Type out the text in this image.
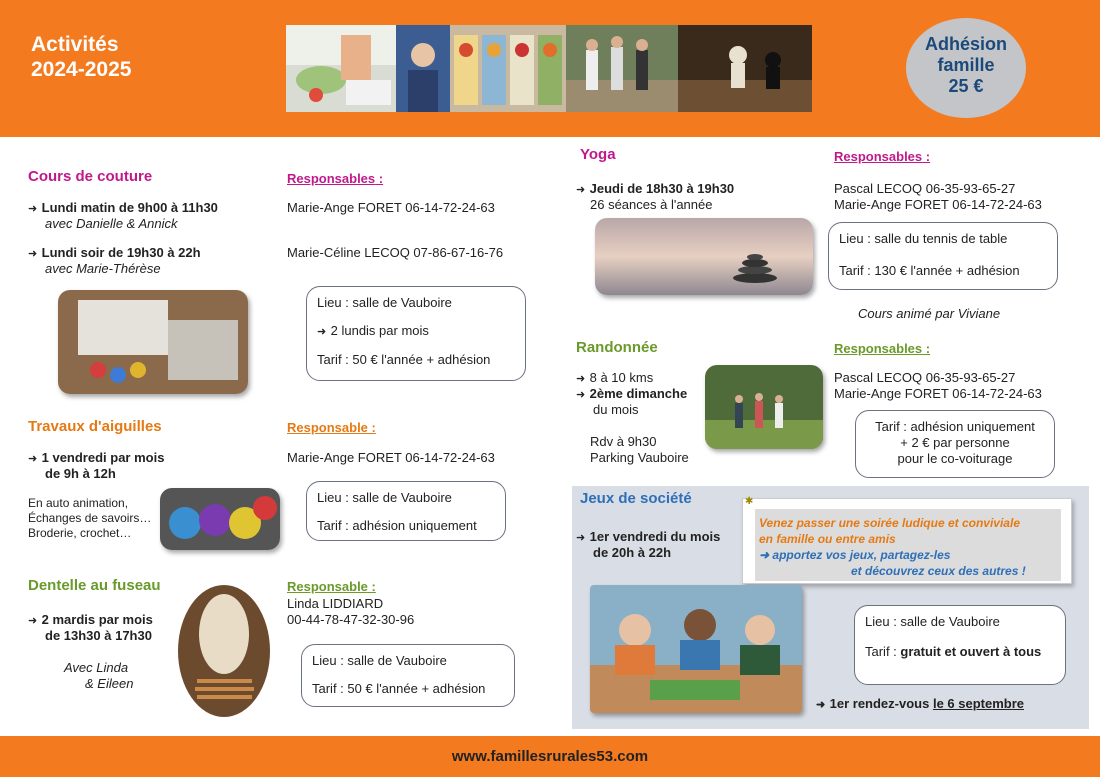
Activités
2024-2025
Adhésion
famille
25 €
Cours de couture
➜ Lundi matin de 9h00 à 11h30
avec Danielle & Annick
➜ Lundi soir de 19h30 à 22h
avec Marie-Thérèse
Responsables :
Marie-Ange FORET 06-14-72-24-63
Marie-Céline LECOQ 07-86-67-16-76
Lieu : salle de Vauboire
➜ 2 lundis par mois
Tarif : 50 € l'année + adhésion
Travaux d'aiguilles
➜ 1 vendredi par mois
de 9h à 12h
En auto animation,
Échanges de savoirs…
Broderie, crochet…
Responsable :
Marie-Ange FORET 06-14-72-24-63
Lieu : salle de Vauboire
Tarif : adhésion uniquement
Dentelle au fuseau
➜ 2 mardis par mois
de 13h30 à 17h30
Avec Linda
& Eileen
Responsable :
Linda LIDDIARD
00-44-78-47-32-30-96
Lieu : salle de Vauboire
Tarif : 50 € l'année + adhésion
Yoga
➜ Jeudi de 18h30 à 19h30
26 séances à l'année
Responsables :
Pascal LECOQ 06-35-93-65-27
Marie-Ange FORET 06-14-72-24-63
Lieu : salle du tennis de table
Tarif : 130 € l'année + adhésion
Cours animé par Viviane
Randonnée
➜ 8 à 10 kms
➜ 2ème dimanche
du mois
Rdv à 9h30
Parking Vauboire
Responsables :
Pascal LECOQ 06-35-93-65-27
Marie-Ange FORET 06-14-72-24-63
Tarif : adhésion uniquement
+ 2 € par personne
pour le co-voiturage
Jeux de société
➜ 1er vendredi du mois
de 20h à 22h
✱
Venez passer une soirée ludique et conviviale
en famille ou entre amis
➜ apportez vos jeux, partagez-les
et découvrez ceux des autres !
Lieu : salle de Vauboire
Tarif : gratuit et ouvert à tous
➜ 1er rendez-vous le 6 septembre
www.famillesrurales53.com
